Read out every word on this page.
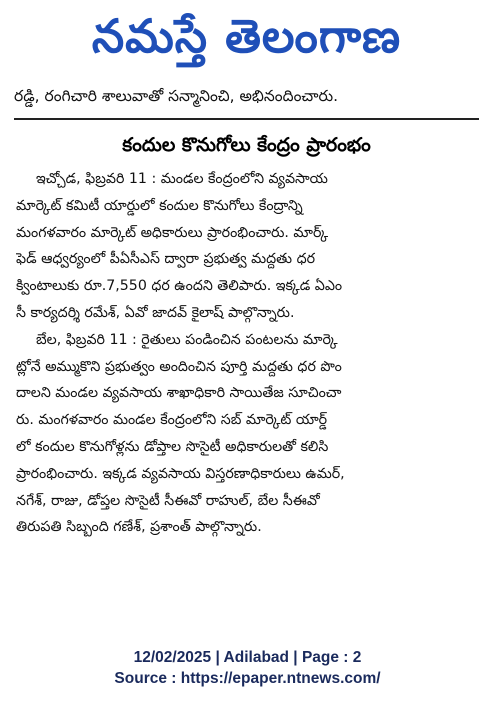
నమస్తే తెలంగాణ
రడ్డి, రంగిచారి శాలువాతో సన్మానించి, అభినందించారు.
కందుల కొనుగోలు కేంద్రం ప్రారంభం

ఇచ్చోడ, ఫిబ్రవరి 11 : మండల కేంద్రంలోని వ్యవసాయ
మార్కెట్ కమిటీ యార్డులో కందుల కొనుగోలు కేంద్రాన్ని
మంగళవారం మార్కెట్ అధికారులు ప్రారంభించారు. మార్క్
ఫెడ్ ఆధ్వర్యంలో పీఏసీఎస్ ద్వారా ప్రభుత్వ మద్దతు ధర
క్వింటాలుకు రూ.7,550 ధర ఉందని తెలిపారు. ఇక్కడ ఏఎం
సీ కార్యదర్శి రమేశ్, ఏవో జాదవ్ కైలాష్ పాల్గొన్నారు.

బేల, ఫిబ్రవరి 11 : రైతులు పండించిన పంటలను మార్కె
ట్లోనే అమ్ముకొని ప్రభుత్వం అందించిన పూర్తి మద్దతు ధర పొం
దాలని మండల వ్యవసాయ శాఖాధికారి సాయితేజ సూచించా
రు. మంగళవారం మండల కేంద్రంలోని సబ్ మార్కెట్ యార్డ్
లో కందుల కొనుగోళ్లను డోప్తాల సొసైటీ అధికారులతో కలిసి
ప్రారంభించారు. ఇక్కడ వ్యవసాయ విస్తరణాధికారులు ఉమర్,
నగేశ్, రాజు, డోప్తల సొసైటీ సీఈవో రాహుల్, బేల సీఈవో
తిరుపతి సిబ్బంది గణేశ్, ప్రశాంత్ పాల్గొన్నారు.

12/02/2025 | Adilabad | Page : 2
Source : https://epaper.ntnews.com/
